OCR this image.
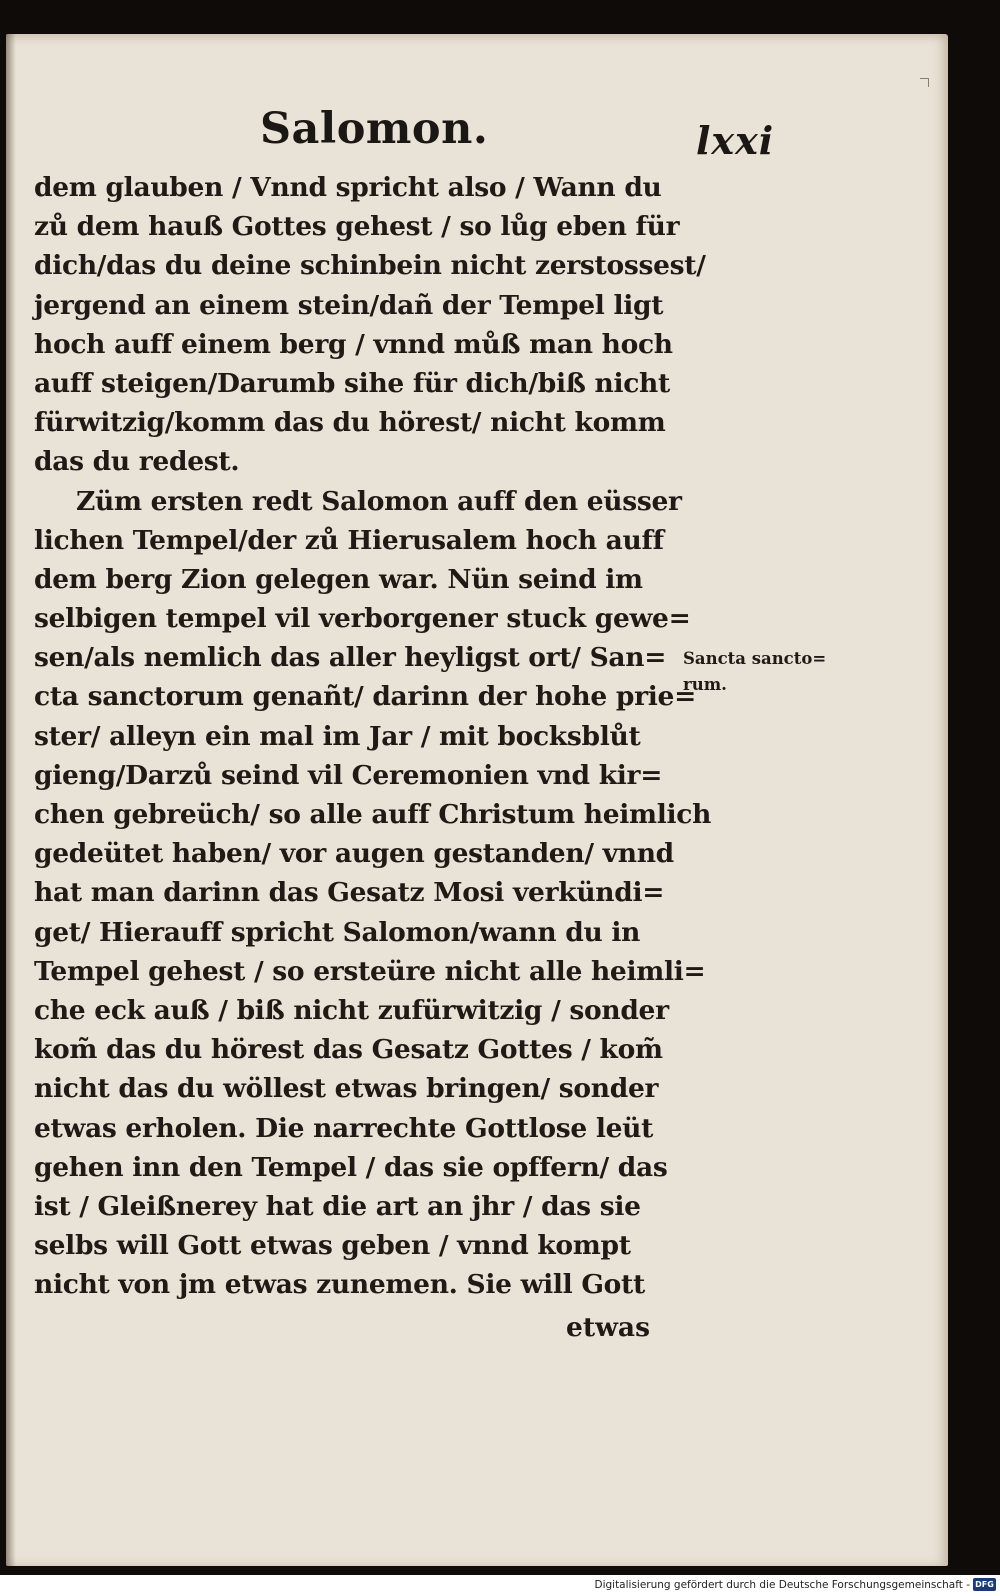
Salomon.	lxxi
dem glauben / Vnnd spricht also / Wann du
zů dem hauß Gottes gehest / so lůg eben für
dich/das du deine schinbein nicht zerstossest/
jergend an einem stein/dañ der Tempel ligt
hoch auff einem berg / vnnd můß man hoch
auff steigen/Darumb sihe für dich/biß nicht
fürwitzig/komm das du hörest/ nicht komm
das du redest.
Züm ersten redt Salomon auff den eüsser
lichen Tempel/der zů Hierusalem hoch auff
dem berg Zion gelegen war. Nün seind im
selbigen tempel vil verborgener stuck gewe=
sen/als nemlich das aller heyligst ort/ San=
cta sanctorum genañt/ darinn der hohe prie=
ster/ alleyn ein mal im Jar / mit bocksblůt
gieng/Darzů seind vil Ceremonien vnd kir=
chen gebreüch/ so alle auff Christum heimlich
gedeütet haben/ vor augen gestanden/ vnnd
hat man darinn das Gesatz Mosi verkündi=
get/ Hierauff spricht Salomon/wann du in
Tempel gehest / so ersteüre nicht alle heimli=
che eck auß / biß nicht zufürwitzig / sonder
kom̃ das du hörest das Gesatz Gottes / kom̃
nicht das du wöllest etwas bringen/ sonder
etwas erholen. Die narrechte Gottlose leüt
gehen inn den Tempel / das sie opffern/ das
ist / Gleißnerey hat die art an jhr / das sie
selbs will Gott etwas geben / vnnd kompt
nicht von jm etwas zunemen. Sie will Gott
etwas
Sancta sancto=
rum.
Digitalisierung gefördert durch die Deutsche Forschungsgemeinschaft - DFG
